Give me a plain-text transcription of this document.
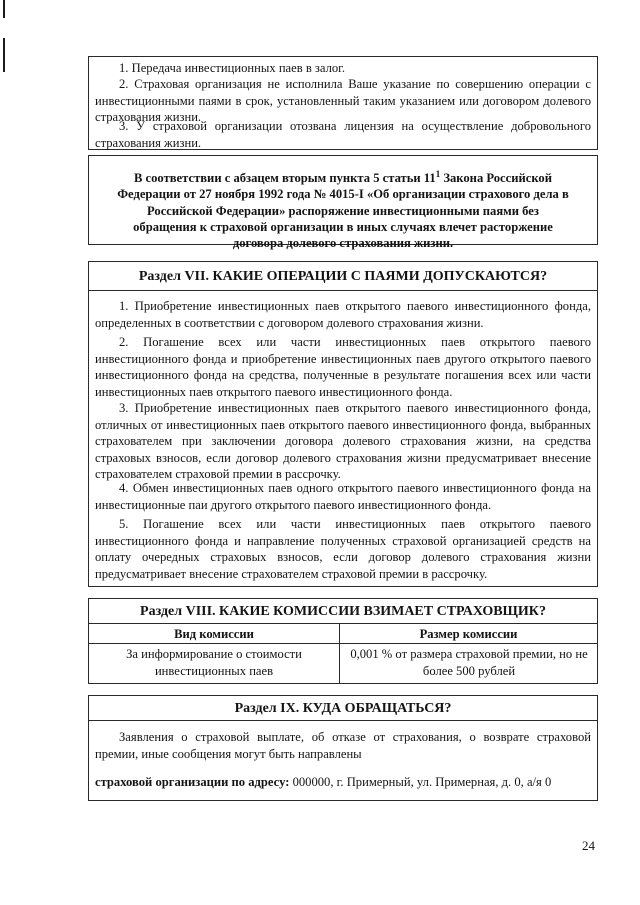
1. Передача инвестиционных паев в залог.

2. Страховая организация не исполнила Ваше указание по совершению операции с инвестиционными паями в срок, установленный таким указанием или договором долевого страхования жизни.

3. У страховой организации отозвана лицензия на осуществление добровольного страхования жизни.

В соответствии с абзацем вторым пункта 5 статьи $11^1$ Закона Российской Федерации от 27 ноября 1992 года № 4015-I «Об организации страхового дела в Российской Федерации» распоряжение инвестиционными паями без обращения к страховой организации в иных случаях влечет расторжение договора долевого страхования жизни.

Раздел VII. КАКИЕ ОПЕРАЦИИ С ПАЯМИ ДОПУСКАЮТСЯ?

1. Приобретение инвестиционных паев открытого паевого инвестиционного фонда, определенных в соответствии с договором долевого страхования жизни.

2. Погашение всех или части инвестиционных паев открытого паевого инвестиционного фонда и приобретение инвестиционных паев другого открытого паевого инвестиционного фонда на средства, полученные в результате погашения всех или части инвестиционных паев открытого паевого инвестиционного фонда.

3. Приобретение инвестиционных паев открытого паевого инвестиционного фонда, отличных от инвестиционных паев открытого паевого инвестиционного фонда, выбранных страхователем при заключении договора долевого страхования жизни, на средства страховых взносов, если договор долевого страхования жизни предусматривает внесение страхователем страховой премии в рассрочку.

4. Обмен инвестиционных паев одного открытого паевого инвестиционного фонда на инвестиционные паи другого открытого паевого инвестиционного фонда.

5. Погашение всех или части инвестиционных паев открытого паевого инвестиционного фонда и направление полученных страховой организацией средств на оплату очередных страховых взносов, если договор долевого страхования жизни предусматривает внесение страхователем страховой премии в рассрочку.

Раздел VIII. КАКИЕ КОМИССИИ ВЗИМАЕТ СТРАХОВЩИК?
Вид комиссии	Размер комиссии
За информирование о стоимости инвестиционных паев
0,001 % от размера страховой премии, но не более 500 рублей
Раздел IX. КУДА ОБРАЩАТЬСЯ?

Заявления о страховой выплате, об отказе от страхования, о возврате страховой премии, иные сообщения могут быть направлены

страховой организации по адресу: 000000, г. Примерный, ул. Примерная, д. 0, а/я 0

24
